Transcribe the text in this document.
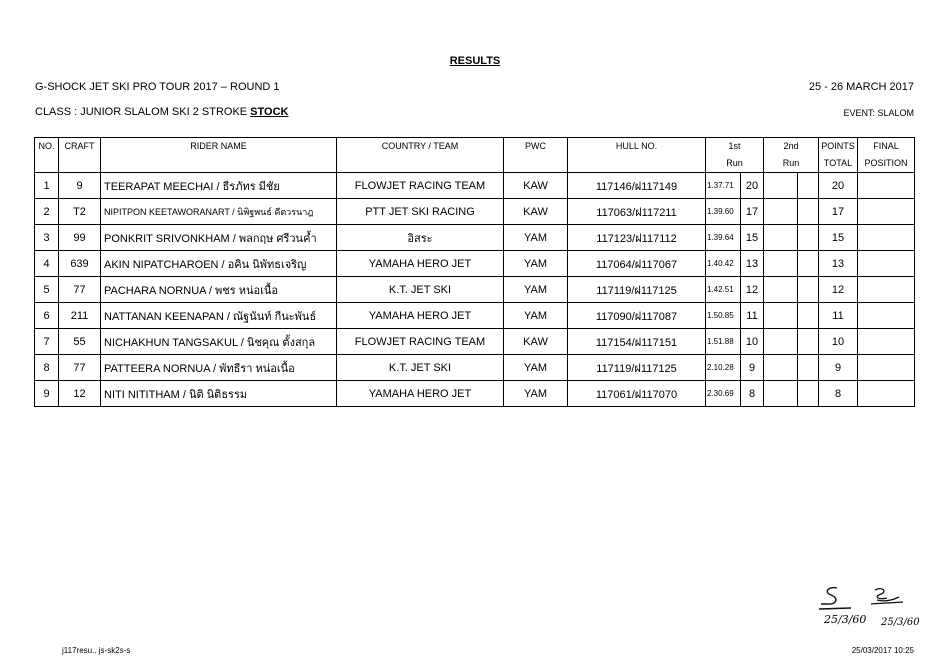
RESULTS
G-SHOCK JET SKI PRO TOUR 2017 – ROUND 1	25 - 26 MARCH 2017
CLASS : JUNIOR SLALOM SKI 2 STROKE STOCK	EVENT: SLALOM
NO.	CRAFT	RIDER NAME	COUNTRY / TEAM	PWC	HULL NO.	1st		2nd		POINTS	FINAL
						Run		Run		TOTAL	POSITION
1	9	TEERAPAT MEECHAI / ธีรภัทร มีชัย	FLOWJET RACING TEAM	KAW	117146/ฝ117149	1.37.71	20			20	
2	T2	NIPITPON KEETAWORANART / นิพิฐพนธ์ คีตวรนาฎ	PTT JET SKI RACING	KAW	117063/ฝ117211	1.39.60	17			17	
3	99	PONKRIT SRIVONKHAM / พลกฤษ ศรีวนค้ำ	อิสระ	YAM	117123/ฝ117112	1.39.64	15			15	
4	639	AKIN NIPATCHAROEN / อคิน นิพัทธเจริญ	YAMAHA HERO JET	YAM	117064/ฝ117067	1.40.42	13			13	
5	77	PACHARA NORNUA / พชร หน่อเนื้อ	K.T. JET SKI	YAM	117119/ฝ117125	1.42.51	12			12	
6	211	NATTANAN KEENAPAN / ณัฐนันท์ กีนะพันธ์	YAMAHA HERO JET	YAM	117090/ฝ117087	1.50.85	11			11	
7	55	NICHAKHUN TANGSAKUL / นิชคุณ ตั้งสกุล	FLOWJET RACING TEAM	KAW	117154/ฝ117151	1.51.88	10			10	
8	77	PATTEERA NORNUA / พัทธีรา หน่อเนื้อ	K.T. JET SKI	YAM	117119/ฝ117125	2.10.28	9			9	
9	12	NITI NITITHAM / นิติ นิติธรรม	YAMAHA HERO JET	YAM	117061/ฝ117070	2.30.69	8			8	
25/3/60 25/3/60
j117resu.. js-sk2s-s	25/03/2017 10:25
